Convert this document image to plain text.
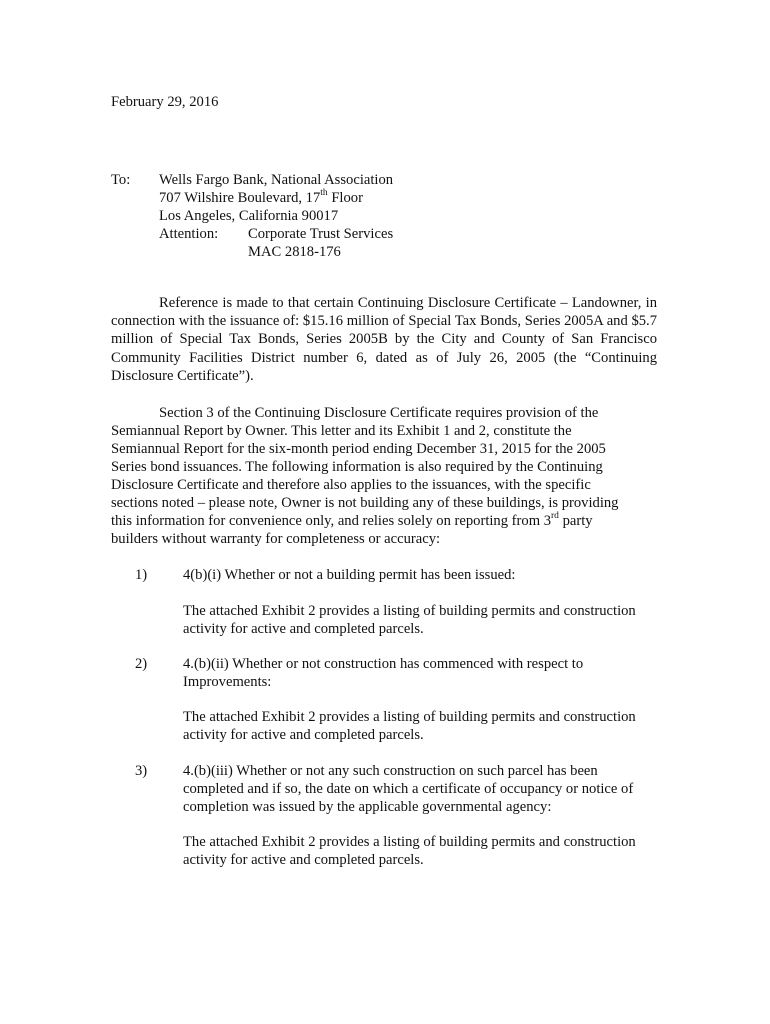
February 29, 2016
To: Wells Fargo Bank, National Association
707 Wilshire Boulevard, 17th Floor
Los Angeles, California 90017
Attention: Corporate Trust Services
MAC 2818-176
Reference is made to that certain Continuing Disclosure Certificate – Landowner, in connection with the issuance of: $15.16 million of Special Tax Bonds, Series 2005A and $5.7 million of Special Tax Bonds, Series 2005B by the City and County of San Francisco Community Facilities District number 6, dated as of July 26, 2005 (the “Continuing Disclosure Certificate”).
Section 3 of the Continuing Disclosure Certificate requires provision of the
Semiannual Report by Owner. This letter and its Exhibit 1 and 2, constitute the
Semiannual Report for the six-month period ending December 31, 2015 for the 2005
Series bond issuances. The following information is also required by the Continuing
Disclosure Certificate and therefore also applies to the issuances, with the specific
sections noted – please note, Owner is not building any of these buildings, is providing
this information for convenience only, and relies solely on reporting from 3rd party
builders without warranty for completeness or accuracy:
1) 4(b)(i) Whether or not a building permit has been issued:
The attached Exhibit 2 provides a listing of building permits and construction
activity for active and completed parcels.
2) 4.(b)(ii) Whether or not construction has commenced with respect to
Improvements:
The attached Exhibit 2 provides a listing of building permits and construction
activity for active and completed parcels.
3) 4.(b)(iii) Whether or not any such construction on such parcel has been
completed and if so, the date on which a certificate of occupancy or notice of
completion was issued by the applicable governmental agency:
The attached Exhibit 2 provides a listing of building permits and construction
activity for active and completed parcels.
